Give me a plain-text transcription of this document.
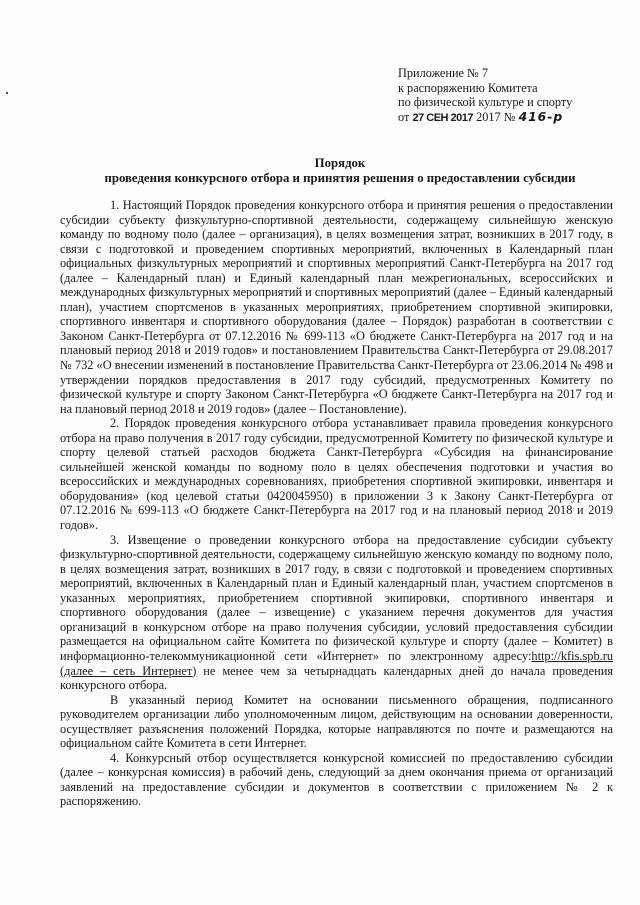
Приложение № 7
к распоряжению Комитета
по физической культуре и спорту
от 27 СЕН 2017 2017 № 416-р
Порядок
проведения конкурсного отбора и принятия решения о предоставлении субсидии

1. Настоящий Порядок проведения конкурсного отбора и принятия решения о предоставлении субсидии субъекту физкультурно-спортивной деятельности, содержащему сильнейшую женскую команду по водному поло (далее – организация), в целях возмещения затрат, возникших в 2017 году, в связи с подготовкой и проведением спортивных мероприятий, включенных в Календарный план официальных физкультурных мероприятий и спортивных мероприятий Санкт-Петербурга на 2017 год (далее – Календарный план) и Единый календарный план межрегиональных, всероссийских и международных физкультурных мероприятий и спортивных мероприятий (далее – Единый календарный план), участием спортсменов в указанных мероприятиях, приобретением спортивной экипировки, спортивного инвентаря и спортивного оборудования (далее – Порядок) разработан в соответствии с Законом Санкт-Петербурга от 07.12.2016 № 699-113 «О бюджете Санкт-Петербурга на 2017 год и на плановый период 2018 и 2019 годов» и постановлением Правительства Санкт-Петербурга от 29.08.2017 № 732 «О внесении изменений в постановление Правительства Санкт-Петербурга от 23.06.2014 № 498 и утверждении порядков предоставления в 2017 году субсидий, предусмотренных Комитету по физической культуре и спорту Законом Санкт-Петербурга «О бюджете Санкт-Петербурга на 2017 год и на плановый период 2018 и 2019 годов» (далее – Постановление).

2. Порядок проведения конкурсного отбора устанавливает правила проведения конкурсного отбора на право получения в 2017 году субсидии, предусмотренной Комитету по физической культуре и спорту целевой статьей расходов бюджета Санкт-Петербурга «Субсидия на финансирование сильнейшей женской команды по водному поло в целях обеспечения подготовки и участия во всероссийских и международных соревнованиях, приобретения спортивной экипировки, инвентаря и оборудования» (код целевой статьи 0420045950) в приложении 3 к Закону Санкт-Петербурга от 07.12.2016 № 699-113 «О бюджете Санкт-Петербурга на 2017 год и на плановый период 2018 и 2019 годов».

3. Извещение о проведении конкурсного отбора на предоставление субсидии субъекту физкультурно-спортивной деятельности, содержащему сильнейшую женскую команду по водному поло, в целях возмещения затрат, возникших в 2017 году, в связи с подготовкой и проведением спортивных мероприятий, включенных в Календарный план и Единый календарный план, участием спортсменов в указанных мероприятиях, приобретением спортивной экипировки, спортивного инвентаря и спортивного оборудования (далее – извещение) с указанием перечня документов для участия организаций в конкурсном отборе на право получения субсидии, условий предоставления субсидии размещается на официальном сайте Комитета по физической культуре и спорту (далее – Комитет) в информационно-телекоммуникационной сети «Интернет» по электронному адресу:http://kfis.spb.ru (далее – сеть Интернет) не менее чем за четырнадцать календарных дней до начала проведения конкурсного отбора.

В указанный период Комитет на основании письменного обращения, подписанного руководителем организации либо уполномоченным лицом, действующим на основании доверенности, осуществляет разъяснения положений Порядка, которые направляются по почте и размещаются на официальном сайте Комитета в сети Интернет.

4. Конкурсный отбор осуществляется конкурсной комиссией по предоставлению субсидии (далее – конкурсная комиссия) в рабочий день, следующий за днем окончания приема от организаций заявлений на предоставление субсидии и документов в соответствии с приложением № 2 к распоряжению.
